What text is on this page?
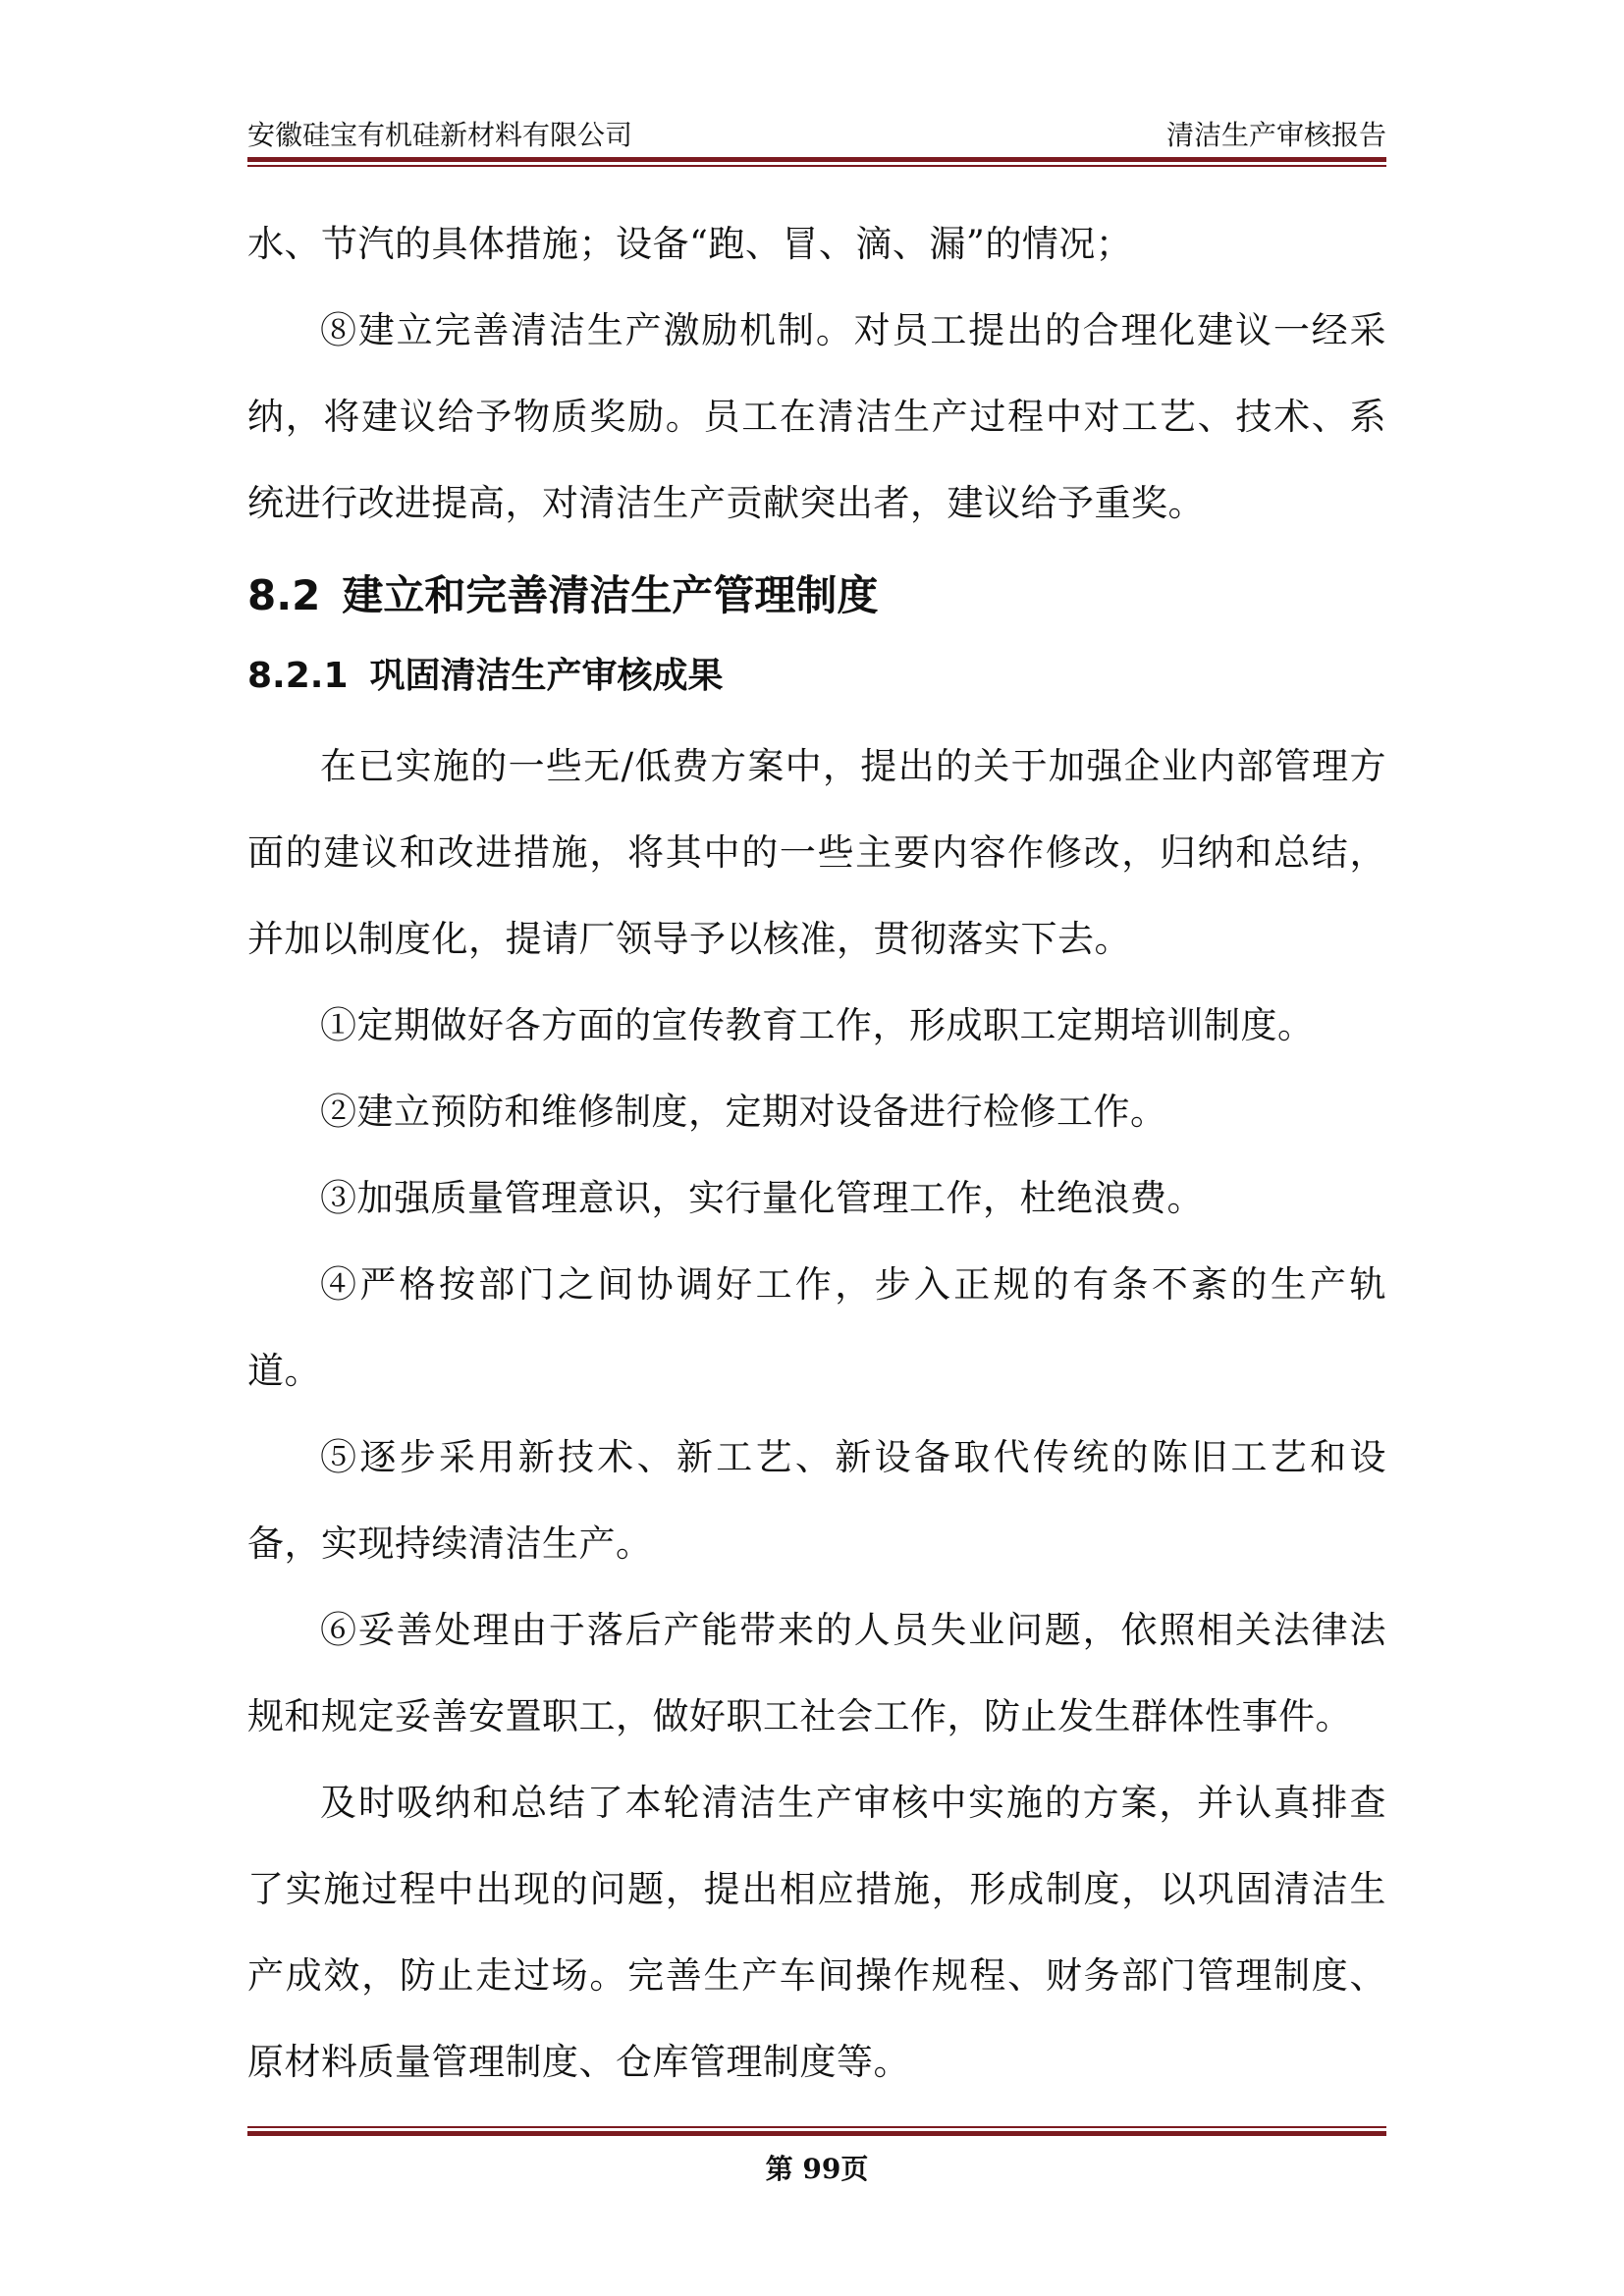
安徽硅宝有机硅新材料有限公司	清洁生产审核报告

水、节汽的具体措施；设备“跑、冒、滴、漏”的情况；

⑧建立完善清洁生产激励机制。对员工提出的合理化建议一经采纳，将建议给予物质奖励。员工在清洁生产过程中对工艺、技术、系统进行改进提高，对清洁生产贡献突出者，建议给予重奖。

8.2 建立和完善清洁生产管理制度
8.2.1 巩固清洁生产审核成果

在已实施的一些无/低费方案中，提出的关于加强企业内部管理方面的建议和改进措施，将其中的一些主要内容作修改，归纳和总结，并加以制度化，提请厂领导予以核准，贯彻落实下去。

①定期做好各方面的宣传教育工作，形成职工定期培训制度。

②建立预防和维修制度，定期对设备进行检修工作。

③加强质量管理意识，实行量化管理工作，杜绝浪费。

④严格按部门之间协调好工作，步入正规的有条不紊的生产轨道。

⑤逐步采用新技术、新工艺、新设备取代传统的陈旧工艺和设备，实现持续清洁生产。

⑥妥善处理由于落后产能带来的人员失业问题，依照相关法律法规和规定妥善安置职工，做好职工社会工作，防止发生群体性事件。

及时吸纳和总结了本轮清洁生产审核中实施的方案，并认真排查了实施过程中出现的问题，提出相应措施，形成制度，以巩固清洁生产成效，防止走过场。完善生产车间操作规程、财务部门管理制度、原材料质量管理制度、仓库管理制度等。

第 99页
